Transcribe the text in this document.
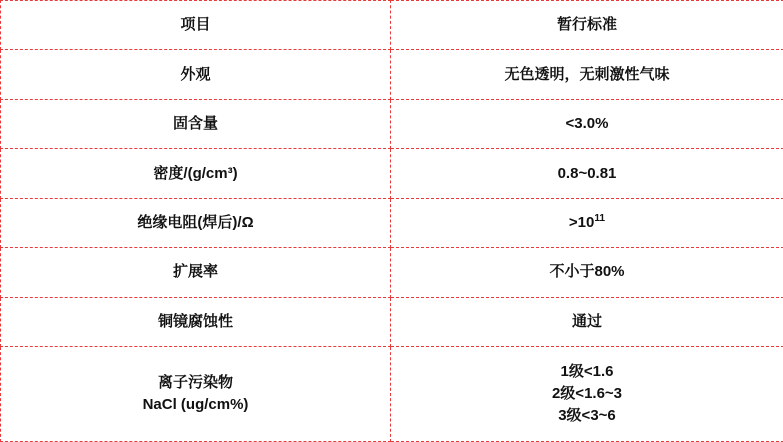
项目	暂行标准
外观	无色透明，无刺激性气味
固含量	<3.0%
密度/(g/cm³)	0.8~0.81
绝缘电阻(焊后)/Ω	$>10^{11}$
扩展率	不小于80%
铜镜腐蚀性	通过

离子污染物
NaCl (ug/cm%)	1级<1.6
2级<1.6~3
3级<3~6
